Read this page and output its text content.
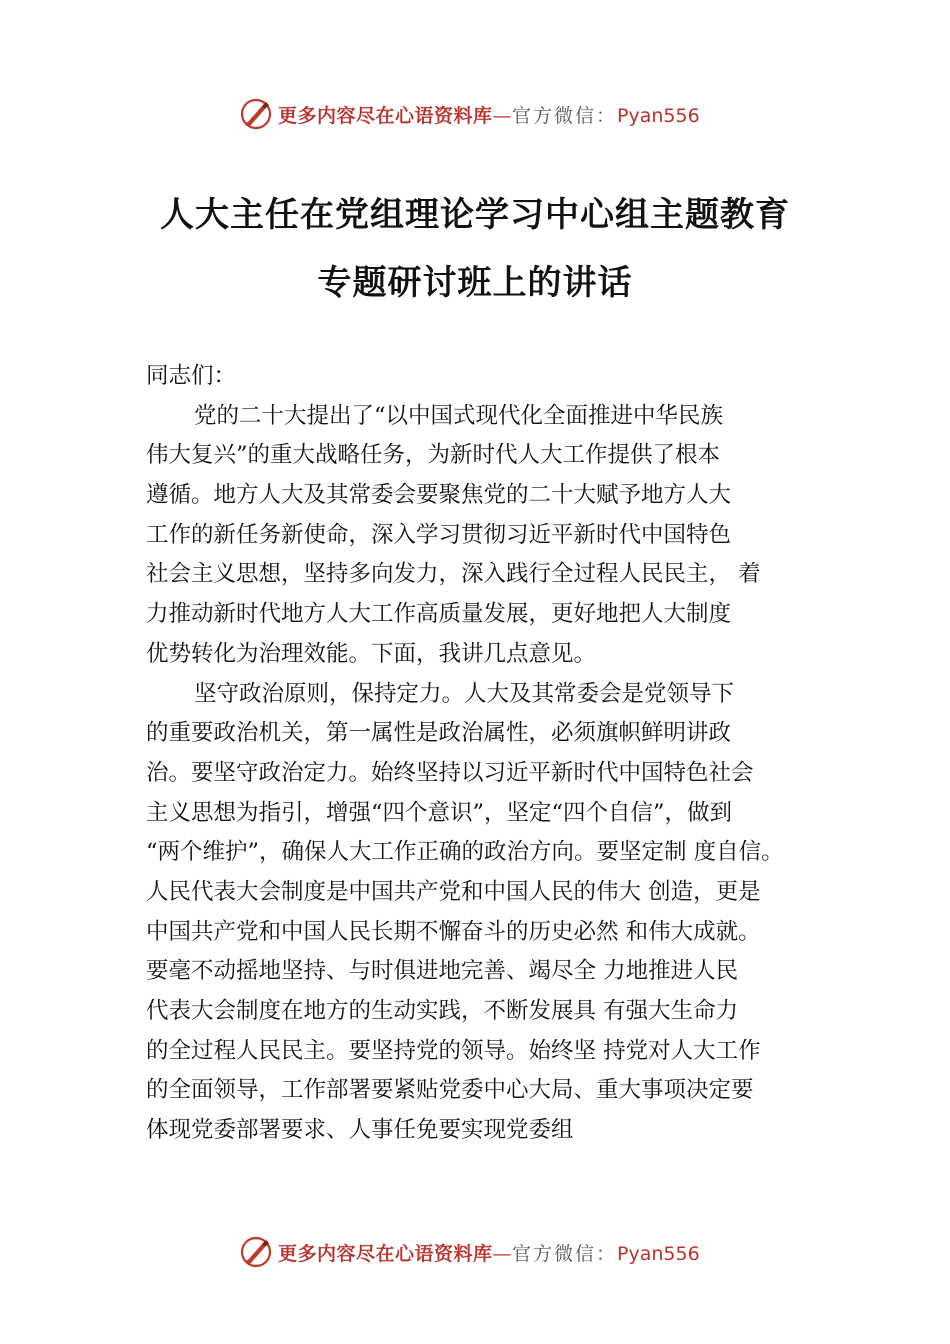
更多内容尽在心语资料库—官方微信：Pyan556
人大主任在党组理论学习中心组主题教育
专题研讨班上的讲话
同志们：
党的二十大提出了“以中国式现代化全面推进中华民族
伟大复兴”的重大战略任务，为新时代人大工作提供了根本
遵循。地方人大及其常委会要聚焦党的二十大赋予地方人大
工作的新任务新使命，深入学习贯彻习近平新时代中国特色
社会主义思想，坚持多向发力，深入践行全过程人民民主， 着
力推动新时代地方人大工作高质量发展，更好地把人大制度
优势转化为治理效能。下面，我讲几点意见。
坚守政治原则，保持定力。人大及其常委会是党领导下
的重要政治机关，第一属性是政治属性，必须旗帜鲜明讲政
治。要坚守政治定力。始终坚持以习近平新时代中国特色社会
主义思想为指引，增强“四个意识”，坚定“四个自信”，做到
“两个维护”，确保人大工作正确的政治方向。要坚定制 度自信。
人民代表大会制度是中国共产党和中国人民的伟大 创造，更是
中国共产党和中国人民长期不懈奋斗的历史必然 和伟大成就。
要毫不动摇地坚持、与时俱进地完善、竭尽全 力地推进人民
代表大会制度在地方的生动实践，不断发展具 有强大生命力
的全过程人民民主。要坚持党的领导。始终坚 持党对人大工作
的全面领导，工作部署要紧贴党委中心大局、重大事项决定要
体现党委部署要求、人事任免要实现党委组
更多内容尽在心语资料库—官方微信：Pyan556
